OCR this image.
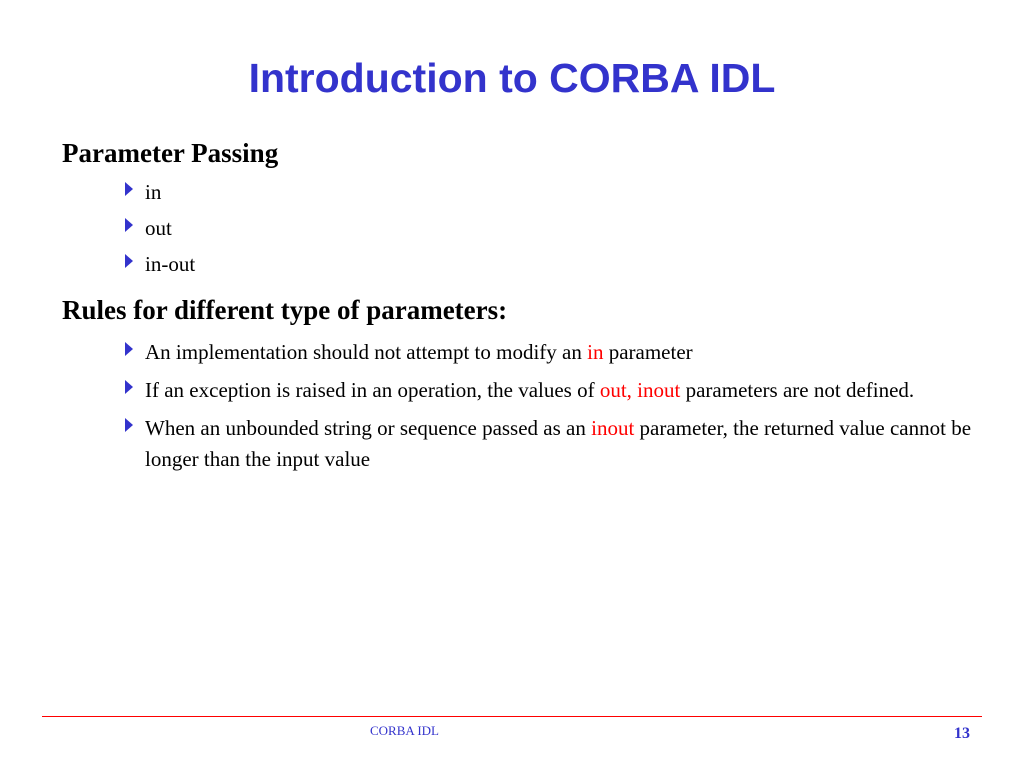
Introduction to CORBA IDL

Parameter Passing

in
out
in-out

Rules for different type of parameters:

An implementation should not attempt to modify an in parameter
If an exception is raised in an operation, the values of out, inout parameters are not defined.
When an unbounded string or sequence passed as an inout parameter, the returned value cannot be longer than the input value
CORBA IDL	13
